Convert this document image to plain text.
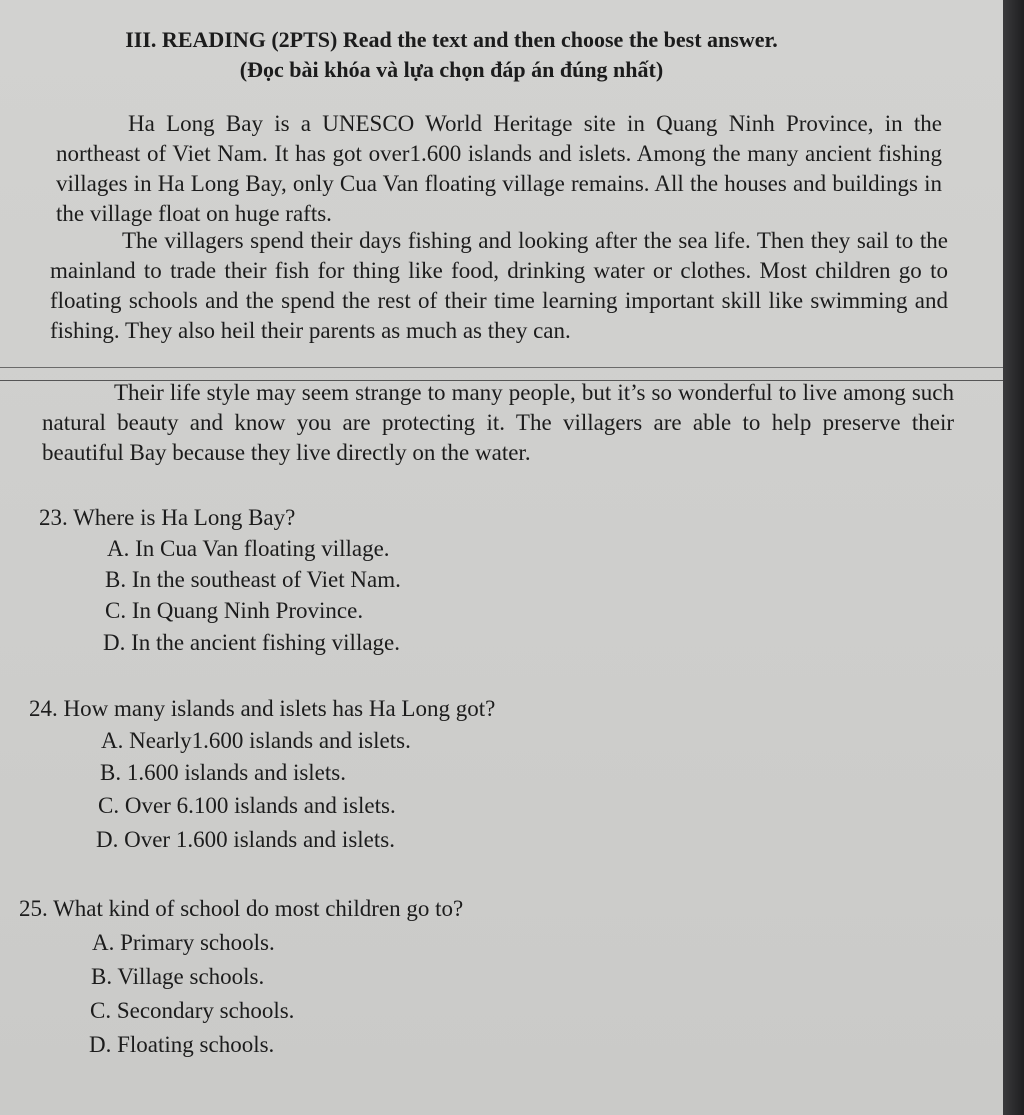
III. READING (2PTS) Read the text and then choose the best answer.
(Đọc bài khóa và lựa chọn đáp án đúng nhất)
Ha Long Bay is a UNESCO World Heritage site in Quang Ninh Province, in the northeast of Viet Nam. It has got over1.600 islands and islets. Among the many ancient fishing villages in Ha Long Bay, only Cua Van floating village remains. All the houses and buildings in the village float on huge rafts.
The villagers spend their days fishing and looking after the sea life. Then they sail to the mainland to trade their fish for thing like food, drinking water or clothes. Most children go to floating schools and the spend the rest of their time learning important skill like swimming and fishing. They also heil their parents as much as they can.
Their life style may seem strange to many people, but it’s so wonderful to live among such natural beauty and know you are protecting it. The villagers are able to help preserve their beautiful Bay because they live directly on the water.
23. Where is Ha Long Bay?
A. In Cua Van floating village.
B. In the southeast of Viet Nam.
C. In Quang Ninh Province.
D. In the ancient fishing village.
24. How many islands and islets has Ha Long got?
A. Nearly1.600 islands and islets.
B. 1.600 islands and islets.
C. Over 6.100 islands and islets.
D. Over 1.600 islands and islets.
25. What kind of school do most children go to?
A. Primary schools.
B. Village schools.
C. Secondary schools.
D. Floating schools.
